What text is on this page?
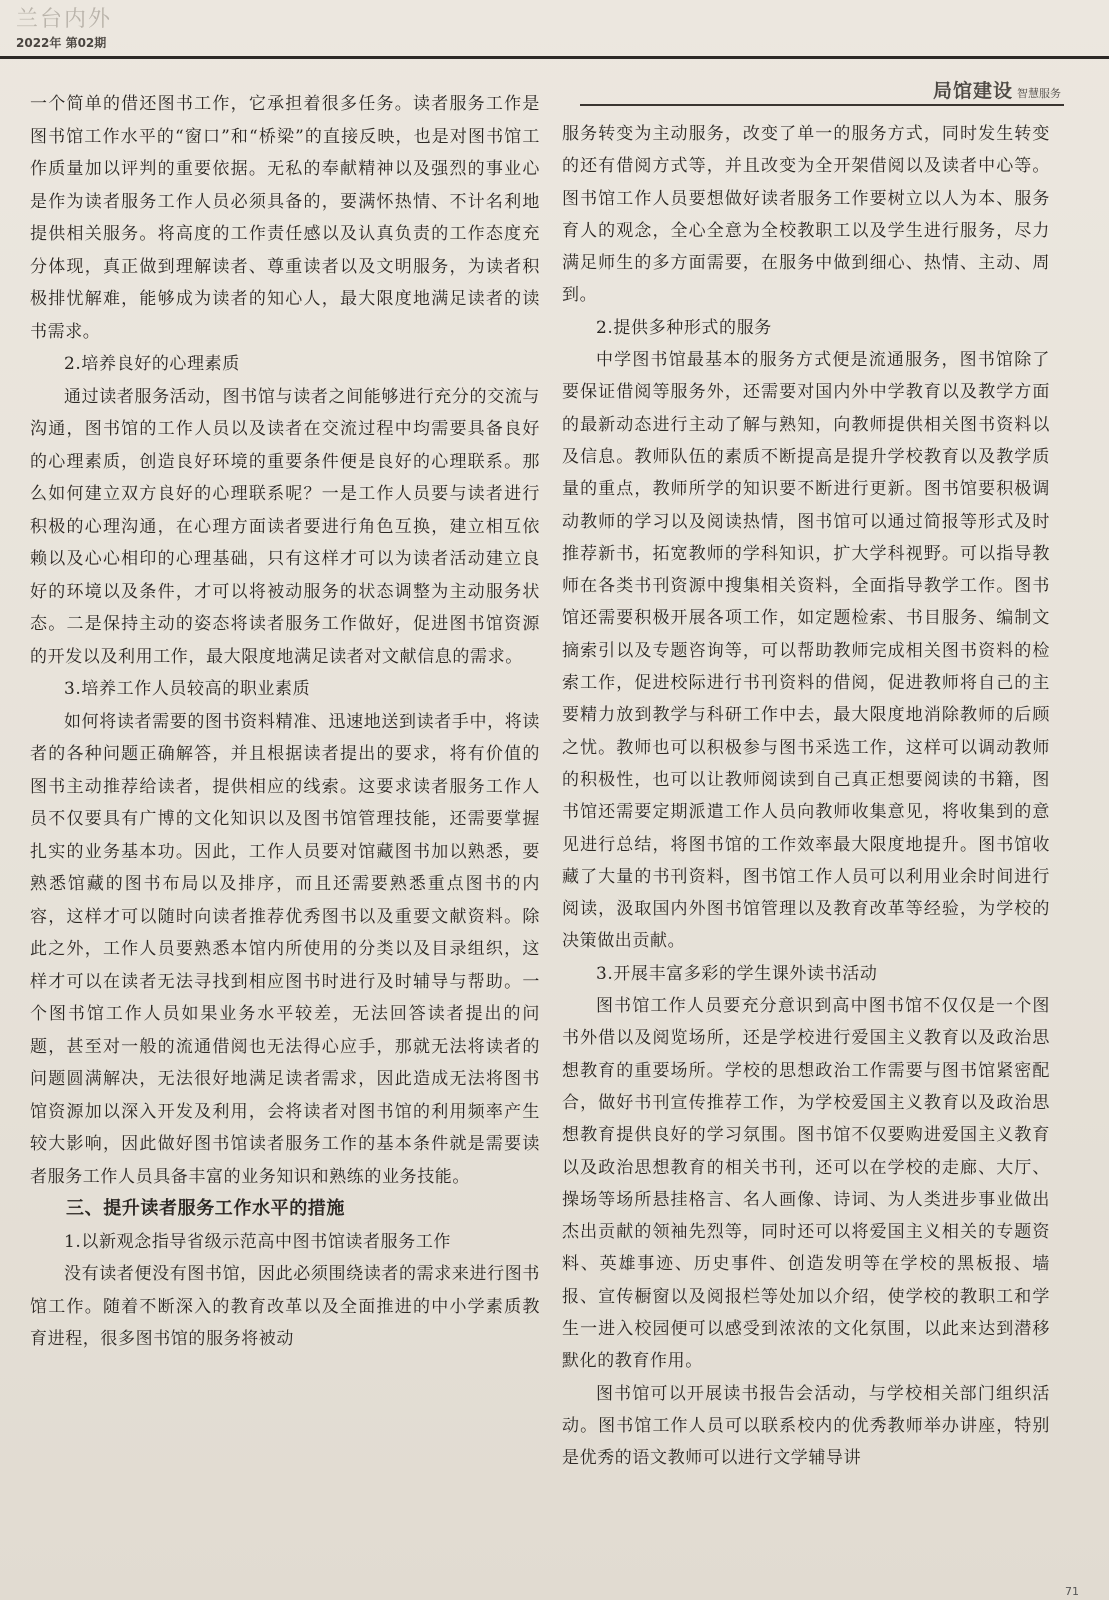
兰台内外
2022年 第02期
局馆建设 智慧服务

一个简单的借还图书工作，它承担着很多任务。读者服务工作是图书馆工作水平的“窗口”和“桥梁”的直接反映，也是对图书馆工作质量加以评判的重要依据。无私的奉献精神以及强烈的事业心是作为读者服务工作人员必须具备的，要满怀热情、不计名利地提供相关服务。将高度的工作责任感以及认真负责的工作态度充分体现，真正做到理解读者、尊重读者以及文明服务，为读者积极排忧解难，能够成为读者的知心人，最大限度地满足读者的读书需求。

2.培养良好的心理素质

通过读者服务活动，图书馆与读者之间能够进行充分的交流与沟通，图书馆的工作人员以及读者在交流过程中均需要具备良好的心理素质，创造良好环境的重要条件便是良好的心理联系。那么如何建立双方良好的心理联系呢？一是工作人员要与读者进行积极的心理沟通，在心理方面读者要进行角色互换，建立相互依赖以及心心相印的心理基础，只有这样才可以为读者活动建立良好的环境以及条件，才可以将被动服务的状态调整为主动服务状态。二是保持主动的姿态将读者服务工作做好，促进图书馆资源的开发以及利用工作，最大限度地满足读者对文献信息的需求。

3.培养工作人员较高的职业素质

如何将读者需要的图书资料精准、迅速地送到读者手中，将读者的各种问题正确解答，并且根据读者提出的要求，将有价值的图书主动推荐给读者，提供相应的线索。这要求读者服务工作人员不仅要具有广博的文化知识以及图书馆管理技能，还需要掌握扎实的业务基本功。因此，工作人员要对馆藏图书加以熟悉，要熟悉馆藏的图书布局以及排序，而且还需要熟悉重点图书的内容，这样才可以随时向读者推荐优秀图书以及重要文献资料。除此之外，工作人员要熟悉本馆内所使用的分类以及目录组织，这样才可以在读者无法寻找到相应图书时进行及时辅导与帮助。一个图书馆工作人员如果业务水平较差，无法回答读者提出的问题，甚至对一般的流通借阅也无法得心应手，那就无法将读者的问题圆满解决，无法很好地满足读者需求，因此造成无法将图书馆资源加以深入开发及利用，会将读者对图书馆的利用频率产生较大影响，因此做好图书馆读者服务工作的基本条件就是需要读者服务工作人员具备丰富的业务知识和熟练的业务技能。

三、提升读者服务工作水平的措施

1.以新观念指导省级示范高中图书馆读者服务工作

没有读者便没有图书馆，因此必须围绕读者的需求来进行图书馆工作。随着不断深入的教育改革以及全面推进的中小学素质教育进程，很多图书馆的服务将被动

服务转变为主动服务，改变了单一的服务方式，同时发生转变的还有借阅方式等，并且改变为全开架借阅以及读者中心等。图书馆工作人员要想做好读者服务工作要树立以人为本、服务育人的观念，全心全意为全校教职工以及学生进行服务，尽力满足师生的多方面需要，在服务中做到细心、热情、主动、周到。

2.提供多种形式的服务

中学图书馆最基本的服务方式便是流通服务，图书馆除了要保证借阅等服务外，还需要对国内外中学教育以及教学方面的最新动态进行主动了解与熟知，向教师提供相关图书资料以及信息。教师队伍的素质不断提高是提升学校教育以及教学质量的重点，教师所学的知识要不断进行更新。图书馆要积极调动教师的学习以及阅读热情，图书馆可以通过简报等形式及时推荐新书，拓宽教师的学科知识，扩大学科视野。可以指导教师在各类书刊资源中搜集相关资料，全面指导教学工作。图书馆还需要积极开展各项工作，如定题检索、书目服务、编制文摘索引以及专题咨询等，可以帮助教师完成相关图书资料的检索工作，促进校际进行书刊资料的借阅，促进教师将自己的主要精力放到教学与科研工作中去，最大限度地消除教师的后顾之忧。教师也可以积极参与图书采选工作，这样可以调动教师的积极性，也可以让教师阅读到自己真正想要阅读的书籍，图书馆还需要定期派遣工作人员向教师收集意见，将收集到的意见进行总结，将图书馆的工作效率最大限度地提升。图书馆收藏了大量的书刊资料，图书馆工作人员可以利用业余时间进行阅读，汲取国内外图书馆管理以及教育改革等经验，为学校的决策做出贡献。

3.开展丰富多彩的学生课外读书活动

图书馆工作人员要充分意识到高中图书馆不仅仅是一个图书外借以及阅览场所，还是学校进行爱国主义教育以及政治思想教育的重要场所。学校的思想政治工作需要与图书馆紧密配合，做好书刊宣传推荐工作，为学校爱国主义教育以及政治思想教育提供良好的学习氛围。图书馆不仅要购进爱国主义教育以及政治思想教育的相关书刊，还可以在学校的走廊、大厅、操场等场所悬挂格言、名人画像、诗词、为人类进步事业做出杰出贡献的领袖先烈等，同时还可以将爱国主义相关的专题资料、英雄事迹、历史事件、创造发明等在学校的黑板报、墙报、宣传橱窗以及阅报栏等处加以介绍，使学校的教职工和学生一进入校园便可以感受到浓浓的文化氛围，以此来达到潜移默化的教育作用。

图书馆可以开展读书报告会活动，与学校相关部门组织活动。图书馆工作人员可以联系校内的优秀教师举办讲座，特别是优秀的语文教师可以进行文学辅导讲

71
